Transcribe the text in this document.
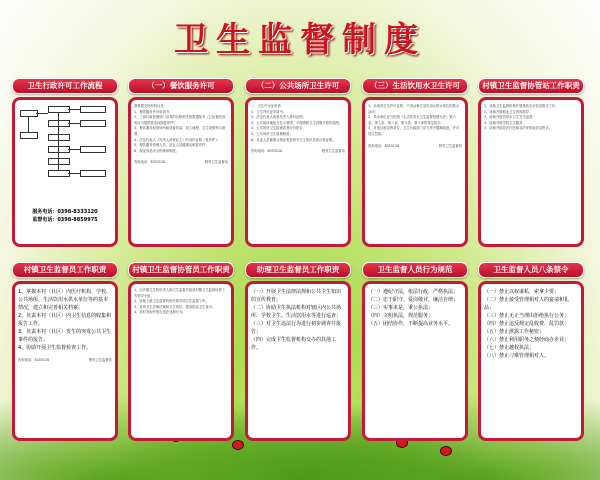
卫生监督制度
卫生行政许可工作流程

服务电话：0398-8333120

监督电话：0398-8859975

（一）餐饮服务许可

需要提交的材料目录

1、餐饮服务许可申请书；

2、工商行政管理部门出具的名称预先核准通知书（已从事经营的应当提供营业执照复印件）；

3、餐饮服务经营场所和设备布局、加工流程、卫生设施等示意图；

4、法定代表人（负责人或者业主）的身份证明（复印件）；

5、餐饮服务管理人员、从业人员健康证明复印件；

6、保证食品安全的规章制度。

咨询电话：8333120	程村卫生监督站
（二）公共场所卫生许可

一、卫生许可证申请

1、卫生许可证申请书；

2、法定代表人或者负责人身份证明；

3、公共场所地址方位示意图、平面图和卫生设施平面布局图；

4、公共场所卫生检测或者评价报告；

5、公共场所卫生管理制度；

6、从业人员健康合格证明及相关卫生知识培训合格证明。

咨询电话：8333120	程村卫生监督站
（三）生活饮用水卫生许可

1、未取得卫生许可证的，不得从事生活饮用水供水单位的供水活动；

2、供水单位应当依照《生活饮用水卫生监督管理办法》第六条、第七条、第八条、第九条、第十条的规定执行。

3、对违反规定的单位，卫生行政部门应当责令限期改进，并可处以罚款。

咨询电话：8333120	程村卫生监督站
村镇卫生监督协管站工作职责

1、协助卫生监督机构开展食品安全信息报告工作；

2、协助开展职业卫生咨询指导；

3、协助开展饮用水卫生安全巡查；

4、协助开展学校卫生服务；

5、协助开展非法行医和非法采供血信息报告。

村镇卫生监督员工作职责

1、掌握本村（社区）内医疗机构、学校、公共场所、生活饮用水供水单位等的基本情况，建立和完善相关档案。

2、负责本村（社区）内卫生信息的收集和报告工作。

3、负责本村（社区）发生的突发公共卫生事件的报告。

4、协助开展卫生监督检查工作。

咨询电话：8333120	程村卫生监督站
村镇卫生监督协管员工作职责

1、由乡镇卫生院负责人和卫生监督员组成村镇卫生监督协管工作领导小组。

2、协助上级卫生监督机构开展各项卫生监督工作。

3、宣传卫生法律法规和卫生知识，提高群众卫生意识。

4、及时发现并报告违法违规行为。

助理卫生监督员工作职责

（一）开展卫生法律法规和公共卫生知识的宣传教育；

（二）协助卫生执法机构对辖区内公共场所、学校卫生、生活饮用水等进行巡查；

（三）对卫生违法行为进行初步调查并报告；

（四）完成卫生监督机构交办的其他工作。

卫生监督人员行为规范

（一）遵纪守法，依法行政，严格执法；

（二）忠于职守，爱岗敬业，廉洁自律；

（三）实事求是，秉公执法；

（四）文明执法，规范服务；

（五）团结协作，不断提高业务水平。

卫生监督人员八条禁令

（一）禁止以权谋私，索拿卡要；

（二）禁止接受管理相对人的宴请和礼品；

（三）禁止无正当理由拒绝执行公务；

（四）禁止违反规定乱收费、乱罚款；

（五）禁止泄露工作秘密；

（六）禁止利用职务之便经商办企业；

（七）禁止越权执法；

（八）禁止刁难管理相对人。
